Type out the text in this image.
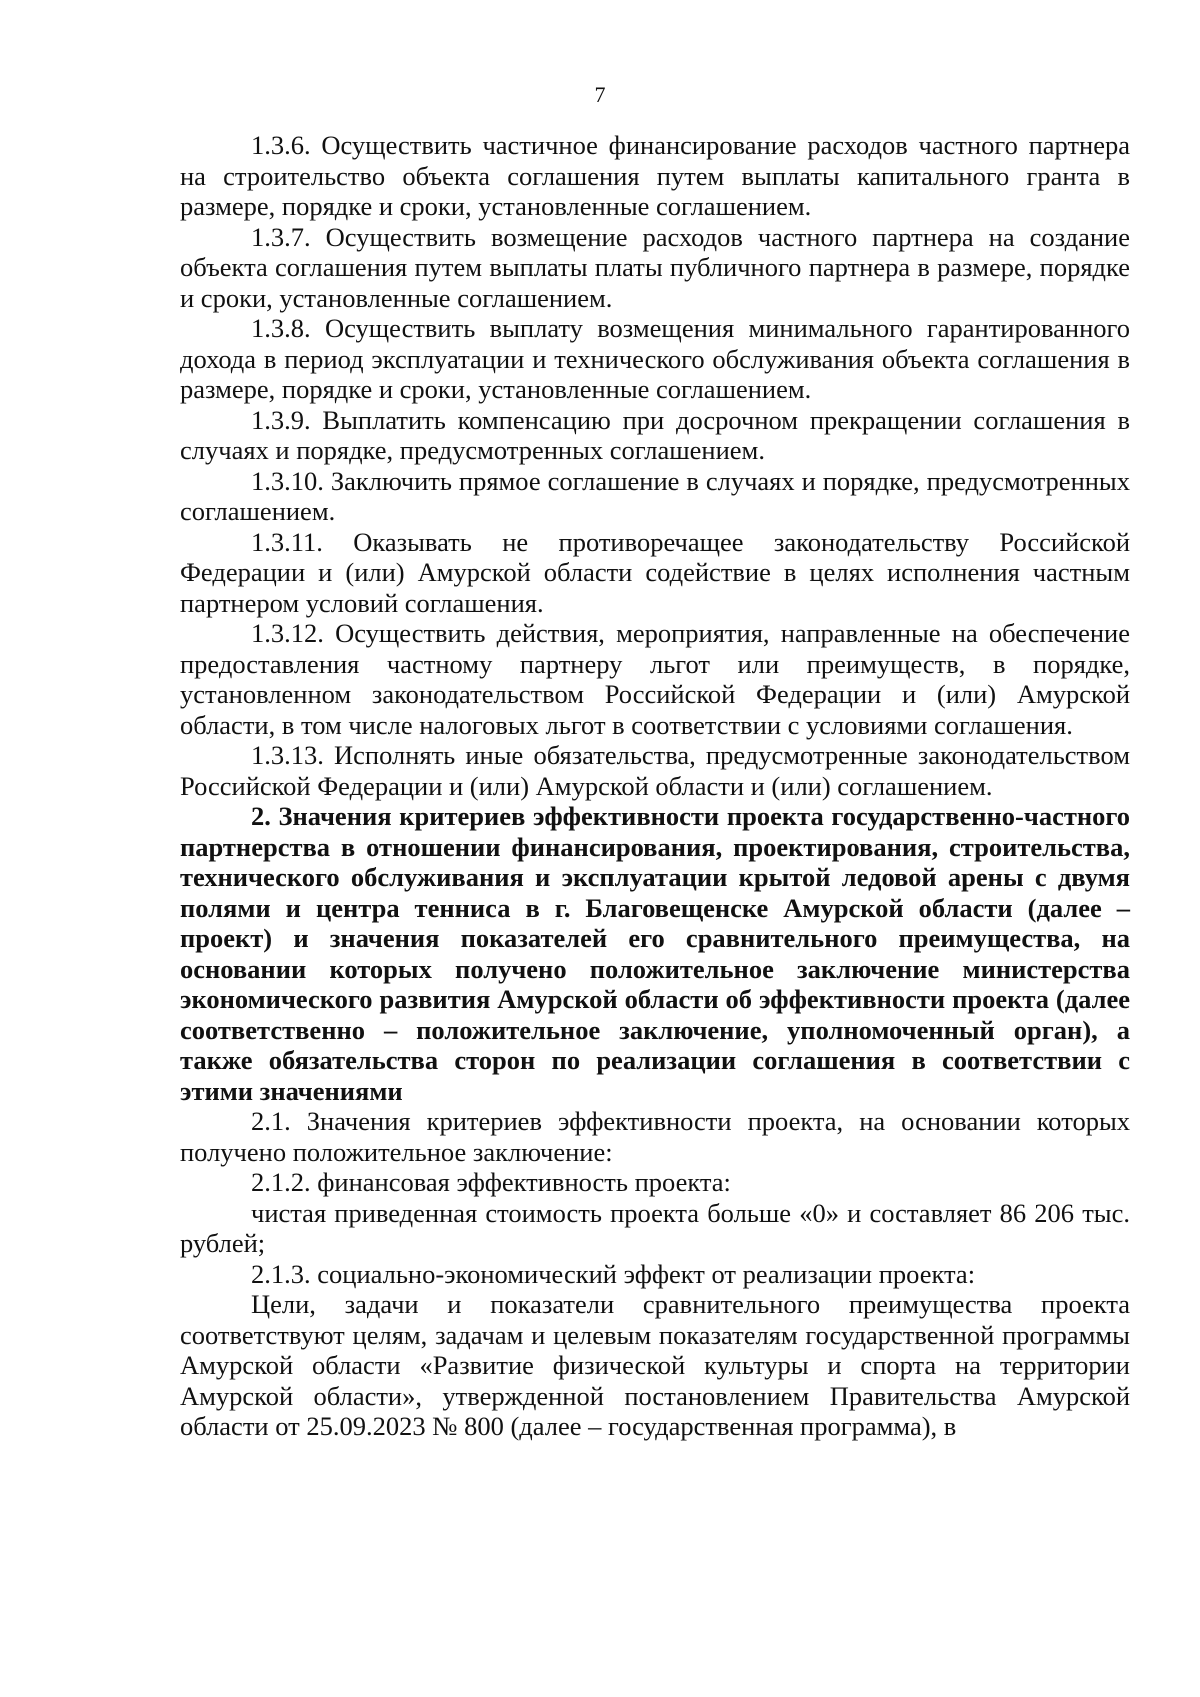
7

1.3.6. Осуществить частичное финансирование расходов частного партнера на строительство объекта соглашения путем выплаты капитального гранта в размере, порядке и сроки, установленные соглашением.

1.3.7. Осуществить возмещение расходов частного партнера на создание объекта соглашения путем выплаты платы публичного партнера в размере, порядке и сроки, установленные соглашением.

1.3.8. Осуществить выплату возмещения минимального гарантированного дохода в период эксплуатации и технического обслуживания объекта соглашения в размере, порядке и сроки, установленные соглашением.

1.3.9. Выплатить компенсацию при досрочном прекращении соглашения в случаях и порядке, предусмотренных соглашением.

1.3.10. Заключить прямое соглашение в случаях и порядке, предусмотренных соглашением.

1.3.11. Оказывать не противоречащее законодательству Российской Федерации и (или) Амурской области содействие в целях исполнения частным партнером условий соглашения.

1.3.12. Осуществить действия, мероприятия, направленные на обеспечение предоставления частному партнеру льгот или преимуществ, в порядке, установленном законодательством Российской Федерации и (или) Амурской области, в том числе налоговых льгот в соответствии с условиями соглашения.

1.3.13. Исполнять иные обязательства, предусмотренные законодательством Российской Федерации и (или) Амурской области и (или) соглашением.

2. Значения критериев эффективности проекта государственно-частного партнерства в отношении финансирования, проектирования, строительства, технического обслуживания и эксплуатации крытой ледовой арены с двумя полями и центра тенниса в г. Благовещенске Амурской области (далее – проект) и значения показателей его сравнительного преимущества, на основании которых получено положительное заключение министерства экономического развития Амурской области об эффективности проекта (далее соответственно – положительное заключение, уполномоченный орган), а также обязательства сторон по реализации соглашения в соответствии с этими значениями

2.1. Значения критериев эффективности проекта, на основании которых получено положительное заключение:

2.1.2. финансовая эффективность проекта:

чистая приведенная стоимость проекта больше «0» и составляет 86 206 тыс. рублей;

2.1.3. социально-экономический эффект от реализации проекта:

Цели, задачи и показатели сравнительного преимущества проекта соответствуют целям, задачам и целевым показателям государственной программы Амурской области «Развитие физической культуры и спорта на территории Амурской области», утвержденной постановлением Правительства Амурской области от 25.09.2023 № 800 (далее – государственная программа), в
